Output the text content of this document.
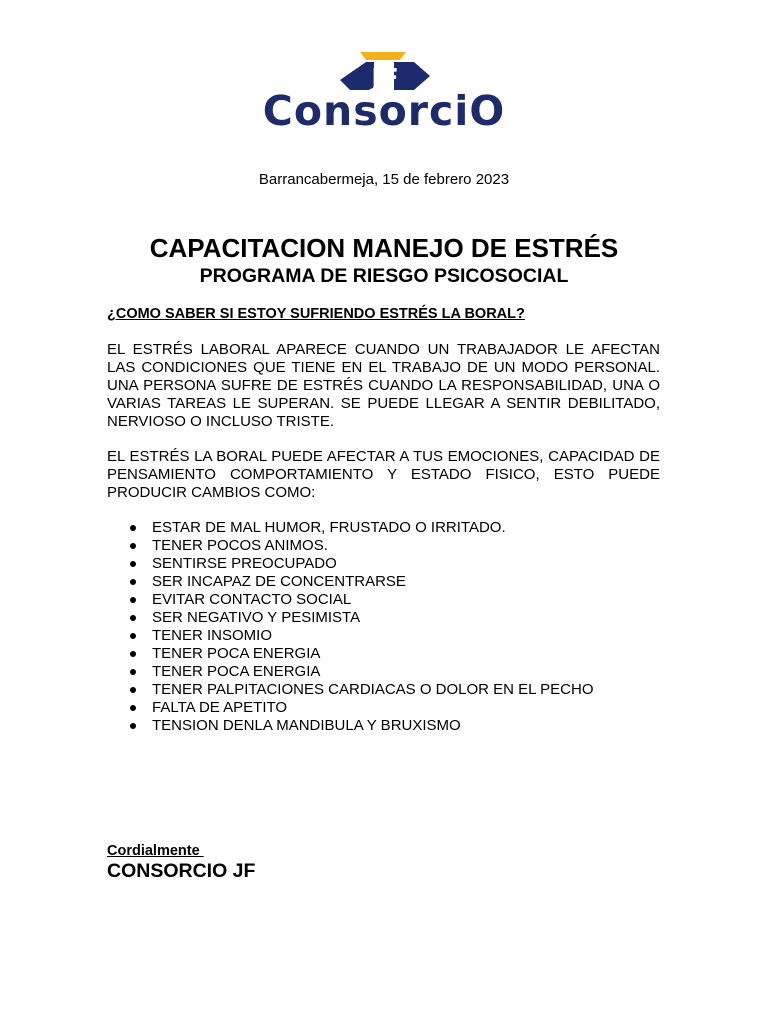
JF
ConsorciO
Barrancabermeja, 15 de febrero 2023
CAPACITACION MANEJO DE ESTRÉS
PROGRAMA DE RIESGO PSICOSOCIAL
¿COMO SABER SI ESTOY SUFRIENDO ESTRÉS LA BORAL?
EL ESTRÉS LABORAL APARECE CUANDO UN TRABAJADOR LE AFECTAN LAS CONDICIONES QUE TIENE EN EL TRABAJO DE UN MODO PERSONAL. UNA PERSONA SUFRE DE ESTRÉS CUANDO LA RESPONSABILIDAD, UNA O VARIAS TAREAS LE SUPERAN. SE PUEDE LLEGAR A SENTIR DEBILITADO, NERVIOSO O INCLUSO TRISTE.
EL ESTRÉS LA BORAL PUEDE AFECTAR A TUS EMOCIONES, CAPACIDAD DE PENSAMIENTO COMPORTAMIENTO Y ESTADO FISICO, ESTO PUEDE PRODUCIR CAMBIOS COMO:
ESTAR DE MAL HUMOR, FRUSTADO O IRRITADO.
TENER POCOS ANIMOS.
SENTIRSE PREOCUPADO
SER INCAPAZ DE CONCENTRARSE
EVITAR CONTACTO SOCIAL
SER NEGATIVO Y PESIMISTA
TENER INSOMIO
TENER POCA ENERGIA
TENER POCA ENERGIA
TENER PALPITACIONES CARDIACAS O DOLOR EN EL PECHO
FALTA DE APETITO
TENSION DENLA MANDIBULA Y BRUXISMO
Cordialmente
CONSORCIO JF
